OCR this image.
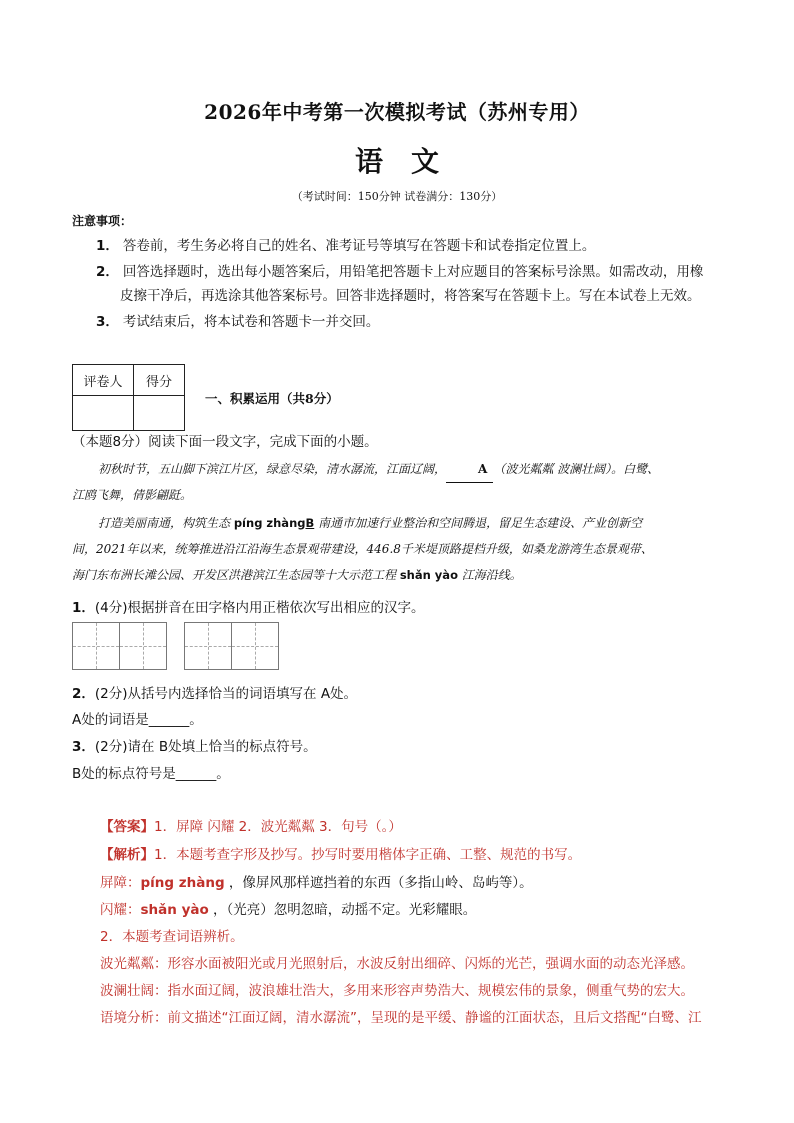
2026年中考第一次模拟考试（苏州专用）
语文
（考试时间：150分钟 试卷满分：130分）
注意事项：
1． 答卷前，考生务必将自己的姓名、准考证号等填写在答题卡和试卷指定位置上。
2． 回答选择题时，选出每小题答案后，用铅笔把答题卡上对应题目的答案标号涂黑。如需改动，用橡
皮擦干净后，再选涂其他答案标号。回答非选择题时，将答案写在答题卡上。写在本试卷上无效。
3． 考试结束后，将本试卷和答题卡一并交回。
评卷人	得分

一、积累运用（共8分）
（本题8分）阅读下面一段文字，完成下面的小题。
初秋时节，五山脚下滨江片区，绿意尽染，清水潺流，江面辽阔，	A （波光粼粼 波澜壮阔）。白鹭、
江鸥飞舞，倩影翩跹。
打造美丽南通，构筑生态 píng zhàngB 南通市加速行业整治和空间腾退，留足生态建设、产业创新空
间，2021年以来，统筹推进沿江沿海生态景观带建设，446.8千米堤顶路提档升级，如桑龙游湾生态景观带、
海门东布洲长滩公园、开发区洪港滨江生态园等十大示范工程 shǎn yào 江海沿线。
1．(4分)根据拼音在田字格内用正楷依次写出相应的汉字。
2．(2分)从括号内选择恰当的词语填写在 A处。
A处的词语是______。
3．(2分)请在 B处填上恰当的标点符号。
B处的标点符号是______。
【答案】1．屏障 闪耀 2．波光粼粼 3．句号（。）
【解析】1．本题考查字形及抄写。抄写时要用楷体字正确、工整、规范的书写。
屏障：píng zhàng ，像屏风那样遮挡着的东西（多指山岭、岛屿等）。
闪耀：shǎn yào ，（光亮）忽明忽暗，动摇不定。光彩耀眼。
2．本题考查词语辨析。
波光粼粼：形容水面被阳光或月光照射后，水波反射出细碎、闪烁的光芒，强调水面的动态光泽感。
波澜壮阔：指水面辽阔，波浪雄壮浩大，多用来形容声势浩大、规模宏伟的景象，侧重气势的宏大。
语境分析：前文描述“江面辽阔，清水潺流”，呈现的是平缓、静谧的江面状态，且后文搭配“白鹭、江
